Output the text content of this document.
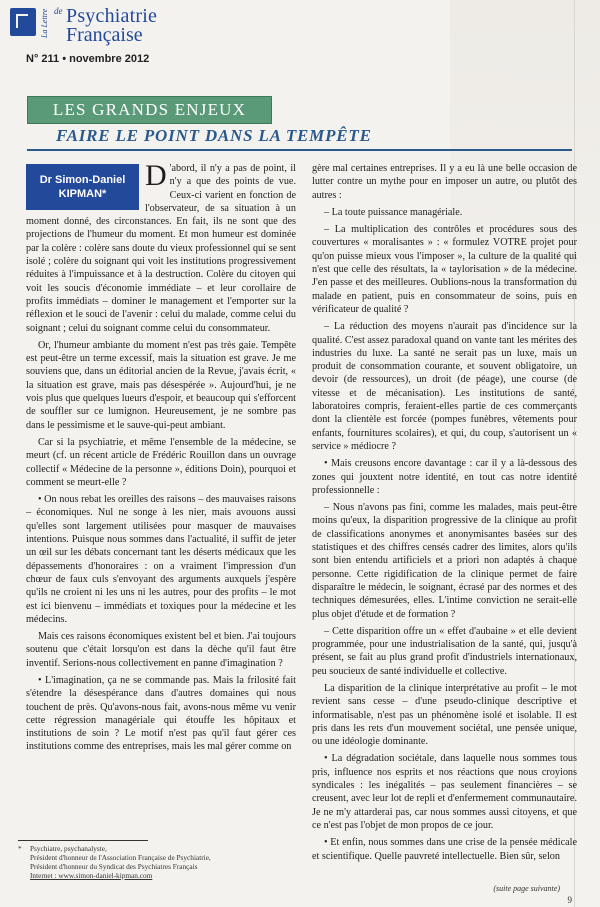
La Lettre de Psychiatrie
Française
N° 211 • novembre 2012
LES GRANDS ENJEUX
FAIRE LE POINT DANS LA TEMPÊTE
Dr Simon-Daniel
KIPMAN*

D 'abord, il n'y a pas de point, il n'y a que des points de vue. Ceux-ci varient en fonction de l'observateur, de sa situation à un moment donné, des circonstances. En fait, ils ne sont que des projections de l'humeur du moment. Et mon humeur est dominée par la colère : colère sans doute du vieux professionnel qui se sent isolé ; colère du soignant qui voit les institutions progressivement réduites à l'impuissance et à la destruction. Colère du citoyen qui voit les soucis d'économie immédiate – et leur corollaire de profits immédiats – dominer le management et l'emporter sur la réflexion et le souci de l'avenir : celui du malade, comme celui du soignant ; celui du soignant comme celui du consommateur.

Or, l'humeur ambiante du moment n'est pas très gaie. Tempête est peut-être un terme excessif, mais la situation est grave. Je me souviens que, dans un éditorial ancien de la Revue, j'avais écrit, « la situation est grave, mais pas désespérée ». Aujourd'hui, je ne vois plus que quelques lueurs d'espoir, et beaucoup qui s'efforcent de souffler sur ce lumignon. Heureusement, je ne sombre pas dans le pessimisme et le sauve-qui-peut ambiant.

Car si la psychiatrie, et même l'ensemble de la médecine, se meurt (cf. un récent article de Frédéric Rouillon dans un ouvrage collectif « Médecine de la personne », éditions Doin), pourquoi et comment se meurt-elle ?

• On nous rebat les oreilles des raisons – des mauvaises raisons – économiques. Nul ne songe à les nier, mais avouons aussi qu'elles sont largement utilisées pour masquer de mauvaises intentions. Puisque nous sommes dans l'actualité, il suffit de jeter un œil sur les débats concernant tant les déserts médicaux que les dépassements d'honoraires : on a vraiment l'impression d'un chœur de faux culs s'envoyant des arguments auxquels j'espère qu'ils ne croient ni les uns ni les autres, pour des profits – le mot est ici bienvenu – immédiats et toxiques pour la médecine et les médecins.

Mais ces raisons économiques existent bel et bien. J'ai toujours soutenu que c'était lorsqu'on est dans la dèche qu'il faut être inventif. Serions-nous collectivement en panne d'imagination ?

• L'imagination, ça ne se commande pas. Mais la frilosité fait s'étendre la désespérance dans d'autres domaines qui nous touchent de près. Qu'avons-nous fait, avons-nous même vu venir cette régression managériale qui étouffe les hôpitaux et institutions de soin ? Le motif n'est pas qu'il faut gérer ces institutions comme des entreprises, mais les mal gérer comme on

gère mal certaines entreprises. Il y a eu là une belle occasion de lutter contre un mythe pour en imposer un autre, ou plutôt des autres :

– La toute puissance managériale.

– La multiplication des contrôles et procédures sous des couvertures « moralisantes » : « formulez VOTRE projet pour qu'on puisse mieux vous l'imposer », la culture de la qualité qui n'est que celle des résultats, la « taylorisation » de la médecine. J'en passe et des meilleures. Oublions-nous la transformation du malade en patient, puis en consommateur de soins, puis en vérificateur de qualité ?

– La réduction des moyens n'aurait pas d'incidence sur la qualité. C'est assez paradoxal quand on vante tant les mérites des industries du luxe. La santé ne serait pas un luxe, mais un produit de consommation courante, et souvent obligatoire, un devoir (de ressources), un droit (de péage), une course (de vitesse et de mécanisation). Les institutions de santé, laboratoires compris, feraient-elles partie de ces commerçants dont la clientèle est forcée (pompes funèbres, vêtements pour enfants, fournitures scolaires), et qui, du coup, s'autorisent un « service » médiocre ?

• Mais creusons encore davantage : car il y a là-dessous des zones qui jouxtent notre identité, en tout cas notre identité professionnelle :

– Nous n'avons pas fini, comme les malades, mais peut-être moins qu'eux, la disparition progressive de la clinique au profit de classifications anonymes et anonymisantes basées sur des statistiques et des chiffres censés cadrer des limites, alors qu'ils sont bien entendu artificiels et a priori non adaptés à chaque personne. Cette rigidification de la clinique permet de faire disparaître le médecin, le soignant, écrasé par des normes et des techniques démesurées, elles. L'intime conviction ne serait-elle plus objet d'étude et de formation ?

– Cette disparition offre un « effet d'aubaine » et elle devient programmée, pour une industrialisation de la santé, qui, jusqu'à présent, se fait au plus grand profit d'industriels internationaux, peu soucieux de santé individuelle et collective.

La disparition de la clinique interprétative au profit – le mot revient sans cesse – d'une pseudo-clinique descriptive et informatisable, n'est pas un phénomène isolé et isolable. Il est pris dans les rets d'un mouvement sociétal, une pensée unique, ou une idéologie dominante.

• La dégradation sociétale, dans laquelle nous sommes tous pris, influence nos esprits et nos réactions que nous croyions syndicales : les inégalités – pas seulement financières – se creusent, avec leur lot de repli et d'enfermement communautaire. Je ne m'y attarderai pas, car nous sommes aussi citoyens, et que ce n'est pas l'objet de mon propos de ce jour.

• Et enfin, nous sommes dans une crise de la pensée médicale et scientifique. Quelle pauvreté intellectuelle. Bien sûr, selon

* Psychiatre, psychanalyste,
Président d'honneur de l'Association Française de Psychiatrie,
Président d'honneur du Syndicat des Psychiatres Français
Internet : www.simon-daniel-kipman.com
(suite page suivante)
9
